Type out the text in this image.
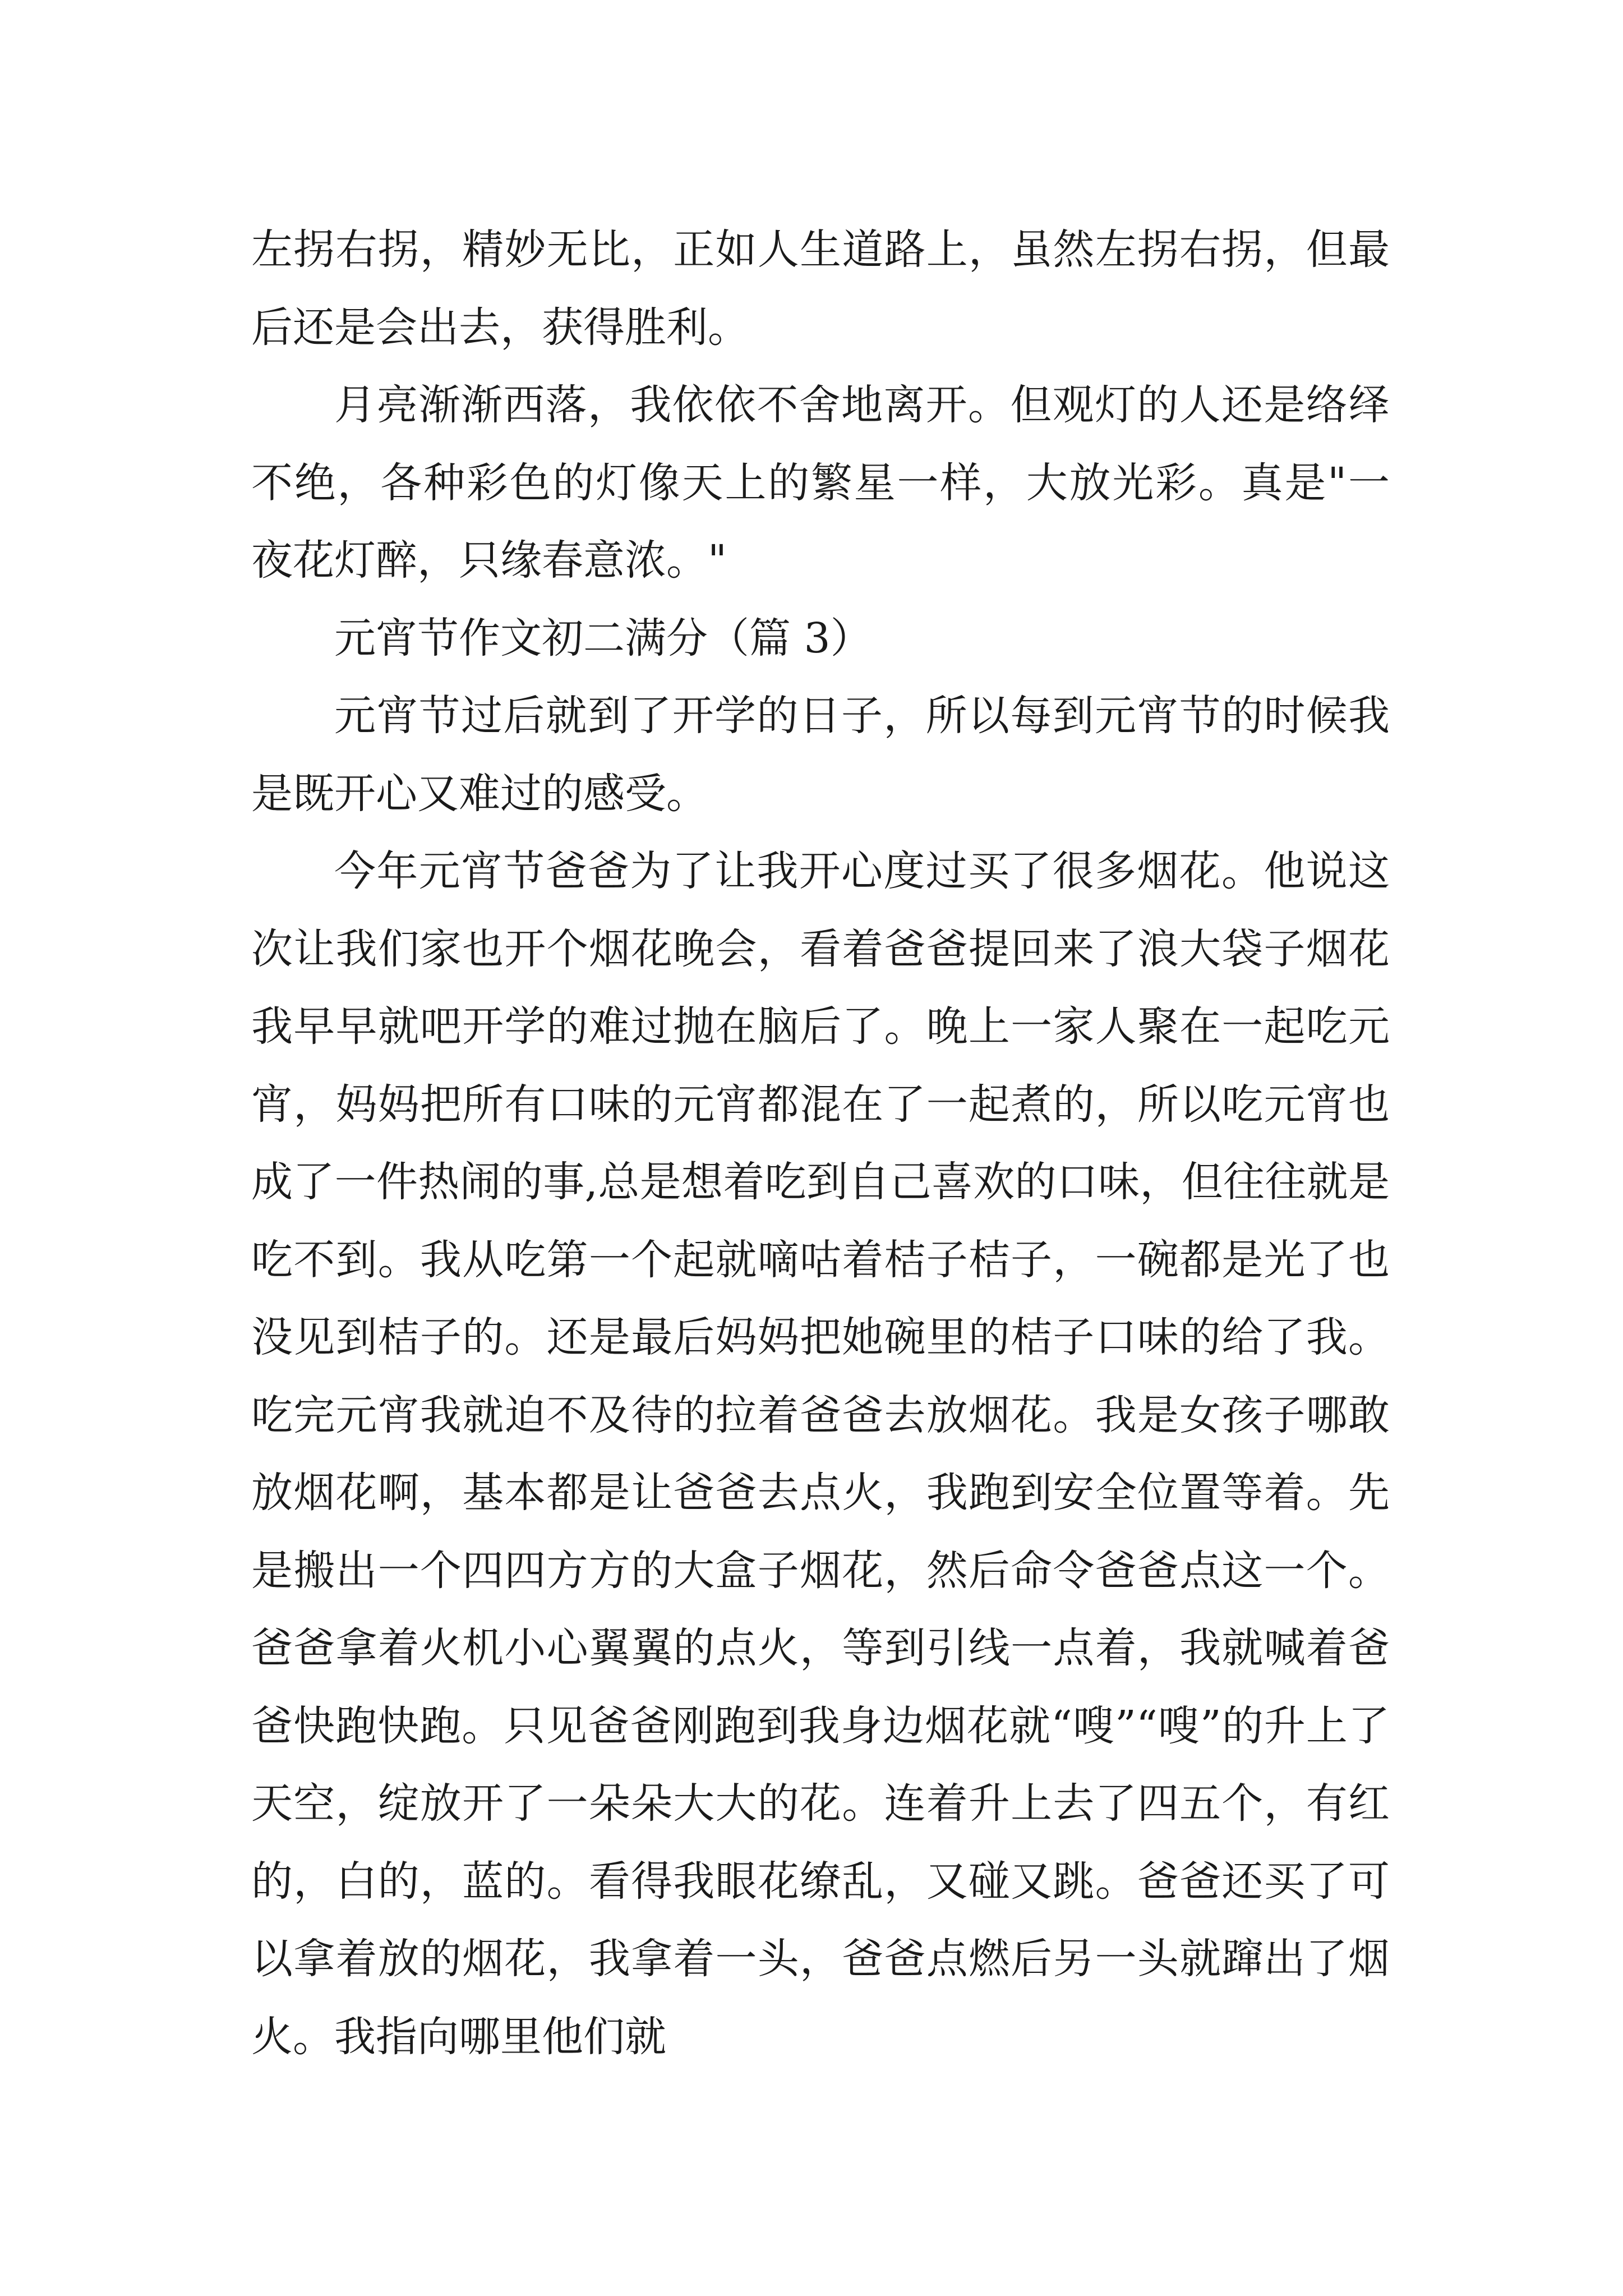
左拐右拐，精妙无比，正如人生道路上，虽然左拐右拐，但最后还是会出去，获得胜利。

月亮渐渐西落，我依依不舍地离开。但观灯的人还是络绎不绝，各种彩色的灯像天上的繁星一样，大放光彩。真是"一夜花灯醉，只缘春意浓。"

元宵节作文初二满分（篇 3）

元宵节过后就到了开学的日子，所以每到元宵节的时候我是既开心又难过的感受。

今年元宵节爸爸为了让我开心度过买了很多烟花。他说这次让我们家也开个烟花晚会，看着爸爸提回来了浪大袋子烟花我早早就吧开学的难过抛在脑后了。晚上一家人聚在一起吃元宵，妈妈把所有口味的元宵都混在了一起煮的，所以吃元宵也成了一件热闹的事,总是想着吃到自己喜欢的口味，但往往就是吃不到。我从吃第一个起就嘀咕着桔子桔子，一碗都是光了也没见到桔子的。还是最后妈妈把她碗里的桔子口味的给了我。吃完元宵我就迫不及待的拉着爸爸去放烟花。我是女孩子哪敢放烟花啊，基本都是让爸爸去点火，我跑到安全位置等着。先是搬出一个四四方方的大盒子烟花，然后命令爸爸点这一个。爸爸拿着火机小心翼翼的点火，等到引线一点着，我就喊着爸爸快跑快跑。只见爸爸刚跑到我身边烟花就“嗖”“嗖”的升上了天空，绽放开了一朵朵大大的花。连着升上去了四五个，有红的，白的，蓝的。看得我眼花缭乱，又碰又跳。爸爸还买了可以拿着放的烟花，我拿着一头，爸爸点燃后另一头就蹿出了烟火。我指向哪里他们就
